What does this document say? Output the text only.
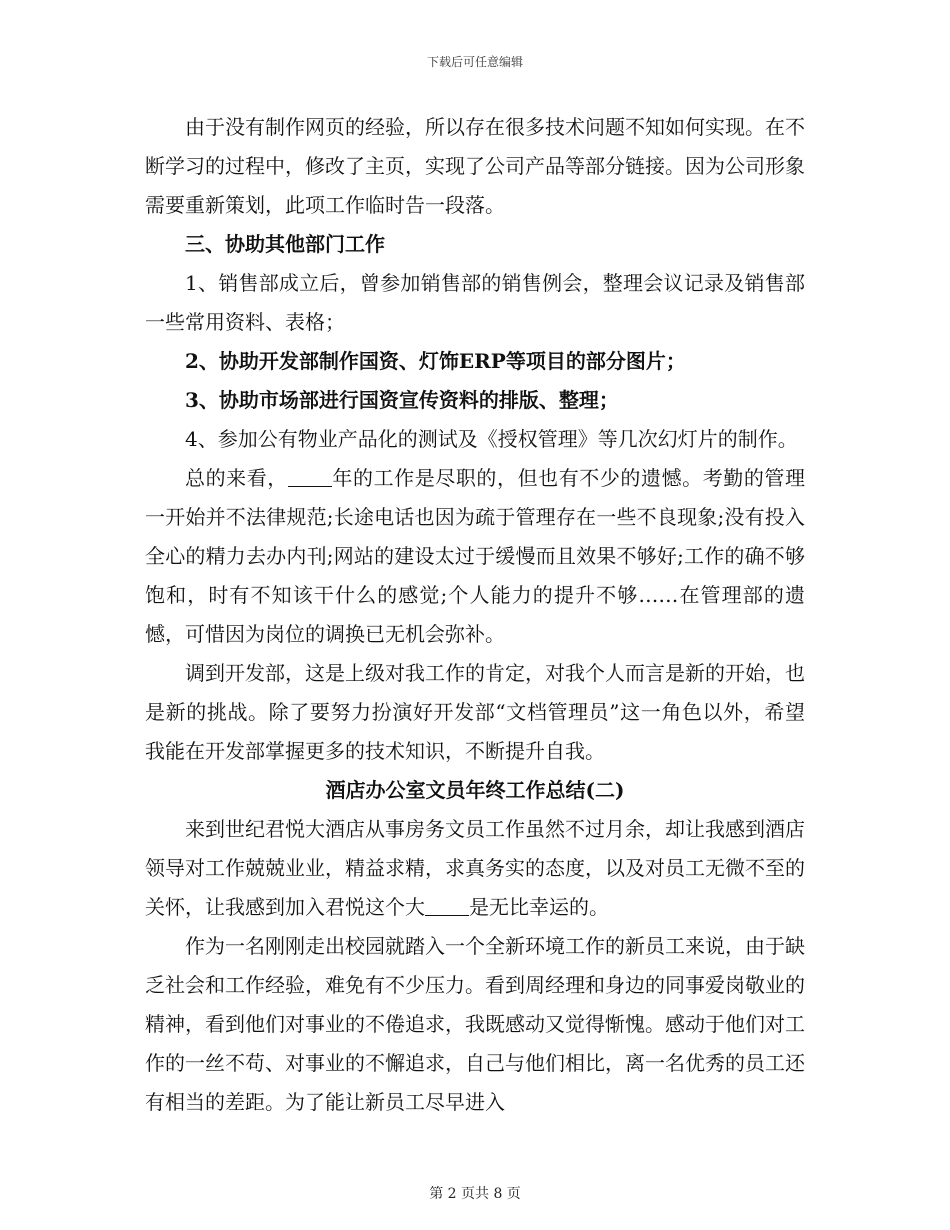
下载后可任意编辑

由于没有制作网页的经验，所以存在很多技术问题不知如何实现。在不断学习的过程中，修改了主页，实现了公司产品等部分链接。因为公司形象需要重新策划，此项工作临时告一段落。

三、协助其他部门工作

1、销售部成立后，曾参加销售部的销售例会，整理会议记录及销售部一些常用资料、表格；

2、协助开发部制作国资、灯饰ERP等项目的部分图片；

3、协助市场部进行国资宣传资料的排版、整理；

4、参加公有物业产品化的测试及《授权管理》等几次幻灯片的制作。

总的来看， 年的工作是尽职的，但也有不少的遗憾。考勤的管理一开始并不法律规范;长途电话也因为疏于管理存在一些不良现象;没有投入全心的精力去办内刊;网站的建设太过于缓慢而且效果不够好;工作的确不够饱和，时有不知该干什么的感觉;个人能力的提升不够……在管理部的遗憾，可惜因为岗位的调换已无机会弥补。

调到开发部，这是上级对我工作的肯定，对我个人而言是新的开始，也是新的挑战。除了要努力扮演好开发部“文档管理员”这一角色以外，希望我能在开发部掌握更多的技术知识，不断提升自我。

酒店办公室文员年终工作总结(二)

来到世纪君悦大酒店从事房务文员工作虽然不过月余，却让我感到酒店领导对工作兢兢业业，精益求精，求真务实的态度，以及对员工无微不至的关怀，让我感到加入君悦这个大 是无比幸运的。

作为一名刚刚走出校园就踏入一个全新环境工作的新员工来说，由于缺乏社会和工作经验，难免有不少压力。看到周经理和身边的同事爱岗敬业的精神，看到他们对事业的不倦追求，我既感动又觉得惭愧。感动于他们对工作的一丝不苟、对事业的不懈追求，自己与他们相比，离一名优秀的员工还有相当的差距。为了能让新员工尽早进入

第 2 页共 8 页
